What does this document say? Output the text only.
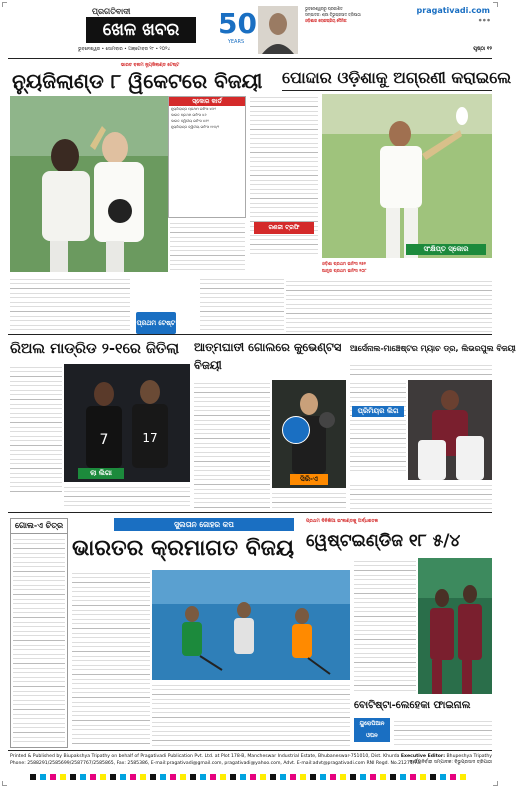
ପ୍ରଗତିବାଦୀ
ଖେଳ ଖବର
ଭୁବନେଶ୍ୱର • ସୋମବାର • ଅକ୍ଟୋବର ୨୮ • ୨୦୨୪
50
YEARS
ଭୁବନେଶ୍ୱରରୁ ପ୍ରକାଶିତ
ସମ୍ପାଦକ: ଶ୍ରୀ ବିଭୁପ୍ରସାଦ ତ୍ରିପାଠୀ
ଓଡ଼ିଶାର ଲୋକପ୍ରିୟ ଦୈନିକ
pragativadi.com
● ● ●
ପୃଷ୍ଠା ୧୨
ଭାରତ ବନାମ ନ୍ୟୁଜିଲାଣ୍ଡ ଟେଷ୍ଟ
ନ୍ୟୁଜିଲାଣ୍ଡ ୮ ୱିକେଟରେ ବିଜୟୀ
ସ୍କୋର କାର୍ଡ
ନ୍ୟୁଜିଲାଣ୍ଡ ପ୍ରଥମ ଇନିଂସ ୪୦୨
ଭାରତ ପ୍ରଥମ ଇନିଂସ ୪୬
ଭାରତ ଦ୍ୱିତୀୟ ଇନିଂସ ୪୬୨
ନ୍ୟୁଜିଲାଣ୍ଡ ଦ୍ୱିତୀୟ ଇନିଂସ ୧୧୦/୨
ପ୍ରଥମ ଟେଷ୍ଟ
ପୋଦ୍ଦାର ଓଡ଼ିଶାକୁ ଅଗ୍ରଣୀ କରାଇଲେ
ସଂକ୍ଷିପ୍ତ ସ୍କୋର
ରଣଜୀ ଟ୍ରଫି
ଓଡ଼ିଶା ପ୍ରଥମ ଇନିଂସ ୨୭୨
ଆନ୍ଧ୍ର ପ୍ରଥମ ଇନିଂସ ୨୦୮
ରିଅଲ ମାଡ୍ରିଡ ୨-୧ରେ ଜିତିଲା	ଆତ୍ମଘାତୀ ଗୋଲରେ କୁଭେଣ୍ଟସ ବିଜୟୀ
ଆର୍ସେନାଲ-ମାଞ୍ଚେଷ୍ଟର ମ୍ୟାଚ ଡ୍ର, ଲିଭରପୁଲ ବିଜୟୀ
7	17
ଲା ଲିଗା
ସିରି-ଏ
ପ୍ରିମିୟର ଲିଗ
ଗୋଲ-ଏ ଚିତ୍ର	ସୁଲତାନ ଜୋହର କପ
ଭାରତର କ୍ରମାଗତ ବିଜୟ
ପ୍ରଥମ ଦିନିକିଆ ଇଂଲଣ୍ଡକୁ ଅର୍ଦ୍ଧଶତକ
ୱେଷ୍ଟଇଣ୍ଡିଜ ୧୮ ୫/୪
ବୋଟିଷ୍ଟା-ଲେହେକା ଫାଇନାଲ
ୟୁରୋପିଆନ ଓପନ
Printed & Published by Biupakshya Tripathy on behalf of Pragativadi Publication Pvt. Ltd. at Plot 178-B, Mancheswar Industrial Estate, Bhubaneswar-751010, Dist. Khurda
Phone: 2588291/2585699/2587767/2585865, Fax: 2585386, E-mail:pragativadi@gmail.com, pragativadi@yahoo.com, Advt. E-mail:advt@pragativadi.com RNI Regd. No.21271/73
Executive Editor: Bhupeshya Tripathy
କାର୍ଯ୍ୟନିର୍ବାହୀ ସମ୍ପାଦକ: ବିଭୁପ୍ରସାଦ ତ୍ରିପାଠୀ
